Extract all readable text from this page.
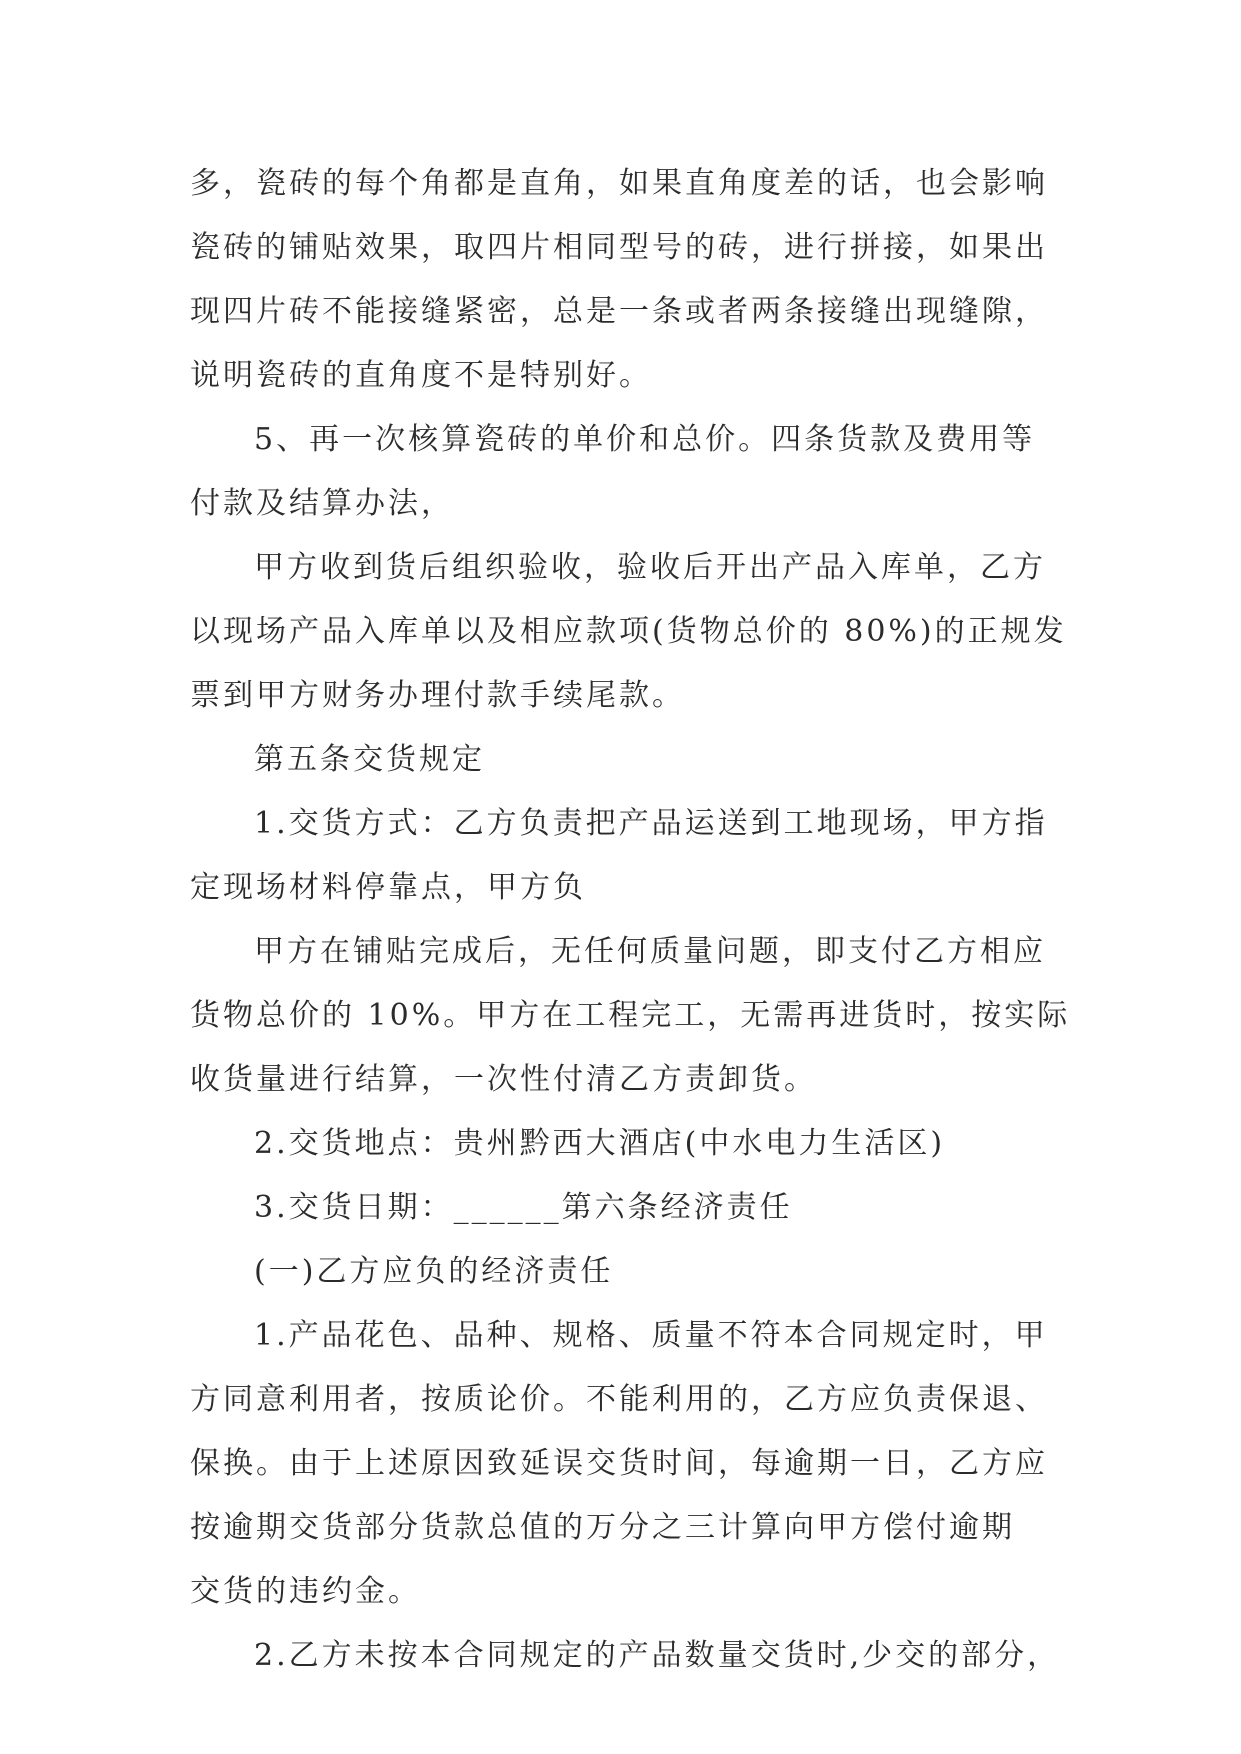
多，瓷砖的每个角都是直角，如果直角度差的话，也会影响
瓷砖的铺贴效果，取四片相同型号的砖，进行拼接，如果出
现四片砖不能接缝紧密，总是一条或者两条接缝出现缝隙，
说明瓷砖的直角度不是特别好。
5、再一次核算瓷砖的单价和总价。四条货款及费用等
付款及结算办法，
甲方收到货后组织验收，验收后开出产品入库单，乙方
以现场产品入库单以及相应款项(货物总价的 80%)的正规发
票到甲方财务办理付款手续尾款。
第五条交货规定
1.交货方式：乙方负责把产品运送到工地现场，甲方指
定现场材料停靠点，甲方负
甲方在铺贴完成后，无任何质量问题，即支付乙方相应
货物总价的 10%。甲方在工程完工，无需再进货时，按实际
收货量进行结算，一次性付清乙方责卸货。
2.交货地点：贵州黔西大酒店(中水电力生活区)
3.交货日期：______第六条经济责任
(一)乙方应负的经济责任
1.产品花色、品种、规格、质量不符本合同规定时，甲
方同意利用者，按质论价。不能利用的，乙方应负责保退、
保换。由于上述原因致延误交货时间，每逾期一日，乙方应
按逾期交货部分货款总值的万分之三计算向甲方偿付逾期
交货的违约金。
2.乙方未按本合同规定的产品数量交货时,少交的部分，
